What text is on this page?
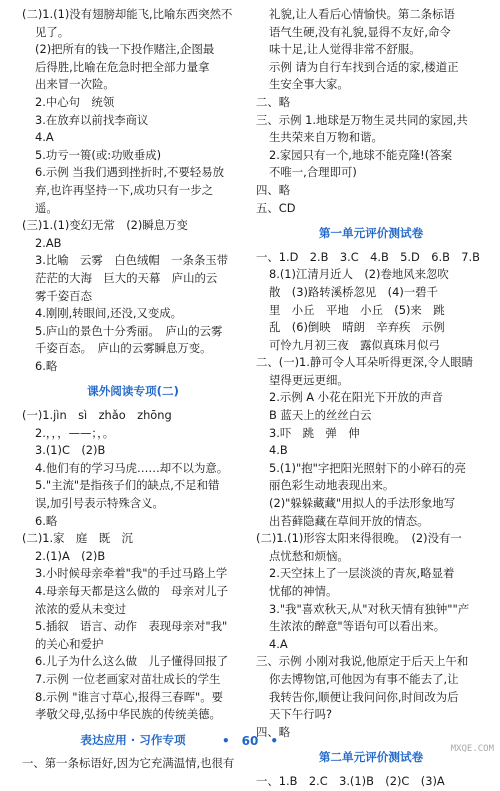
(二)1.(1)没有翅膀却能飞,比喻东西突然不
见了。
(2)把所有的钱一下投作赌注,企图最
后得胜,比喻在危急时把全部力量拿
出来冒一次险。
2.中心句　统领
3.在放弃以前找李商议
4.A
5.功亏一篑(或:功败垂成)
6.示例 当我们遇到挫折时,不要轻易放
弃,也许再坚持一下,成功只有一步之
遥。
(三)1.(1)变幻无常　(2)瞬息万变
2.AB
3.比喻　云雾　白色绒帽　一条条玉带
茫茫的大海　巨大的天幕　庐山的云
雾千姿百态
4.刚刚,转眼间,还没,又变成。
5.庐山的景色十分秀丽。　庐山的云雾
千姿百态。　庐山的云雾瞬息万变。
6.略
课外阅读专项(二)
(一)1.jìn　sì　zhǎo　zhōng
2.，，，——；，。
3.(1)C　(2)B
4.他们有的学习马虎……却不以为意。
5."主流"是指孩子们的缺点,不足和错
误,加引号表示特殊含义。
6.略
(二)1.家　庭　既　沉
2.(1)A　(2)B
3.小时候母亲牵着"我"的手过马路上学
4.母亲每天都是这么做的　母亲对儿子
浓浓的爱从未变过
5.插叙　语言、动作　表现母亲对"我"
的关心和爱护
6.儿子为什么这么做　儿子懂得回报了
7.示例 一位老画家对苗壮成长的学生
8.示例 "谁言寸草心,报得三春晖"。要
孝敬父母,弘扬中华民族的传统美德。
表达应用 · 习作专项
一、第一条标语好,因为它充满温情,也很有
礼貌,让人看后心情愉快。第二条标语
语气生硬,没有礼貌,显得不友好,命令
味十足,让人觉得非常不舒服。
示例 请为自行车找到合适的家,楼道正
生安全事大家。
二、略
三、示例 1.地球是万物生灵共同的家园,共
生共荣来自万物和谐。
2.家园只有一个,地球不能克隆!(答案
不唯一,合理即可)
四、略
五、CD
第一单元评价测试卷
一、1.D　2.B　3.C　4.B　5.D　6.B　7.B
8.(1)江清月近人　(2)卷地风来忽吹
散　(3)路转溪桥忽见　(4)一碧千
里　小丘　平地　小丘　(5)来　跳
乱　(6)倒映　晴朗　辛弃疾　示例
可怜九月初三夜　露似真珠月似弓
二、(一)1.静可令人耳朵听得更深,令人眼睛
望得更远更细。
2.示例 A 小花在阳光下开放的声音
B 蓝天上的丝丝白云
3.吓　跳　弹　伸
4.B
5.(1)"抱"字把阳光照射下的小碎石的亮
丽色彩生动地表现出来。
(2)"躲躲藏藏"用拟人的手法形象地写
出苔藓隐藏在草间开放的情态。
(二)1.(1)形容太阳来得很晚。　(2)没有一
点忧愁和烦恼。
2.天空抹上了一层淡淡的青灰,略显着
忧郁的神情。
3."我"喜欢秋天,从"对秋天情有独钟""产
生浓浓的醉意"等语句可以看出来。
4.A
三、示例 小刚对我说,他原定于后天上午和
你去博物馆,可他因为有事不能去了,让
我转告你,顺便让我问问你,时间改为后
天下午行吗?
四、略
第二单元评价测试卷
一、1.B　2.C　3.(1)B　(2)C　(3)A
•　60　•
MXQE.COM
